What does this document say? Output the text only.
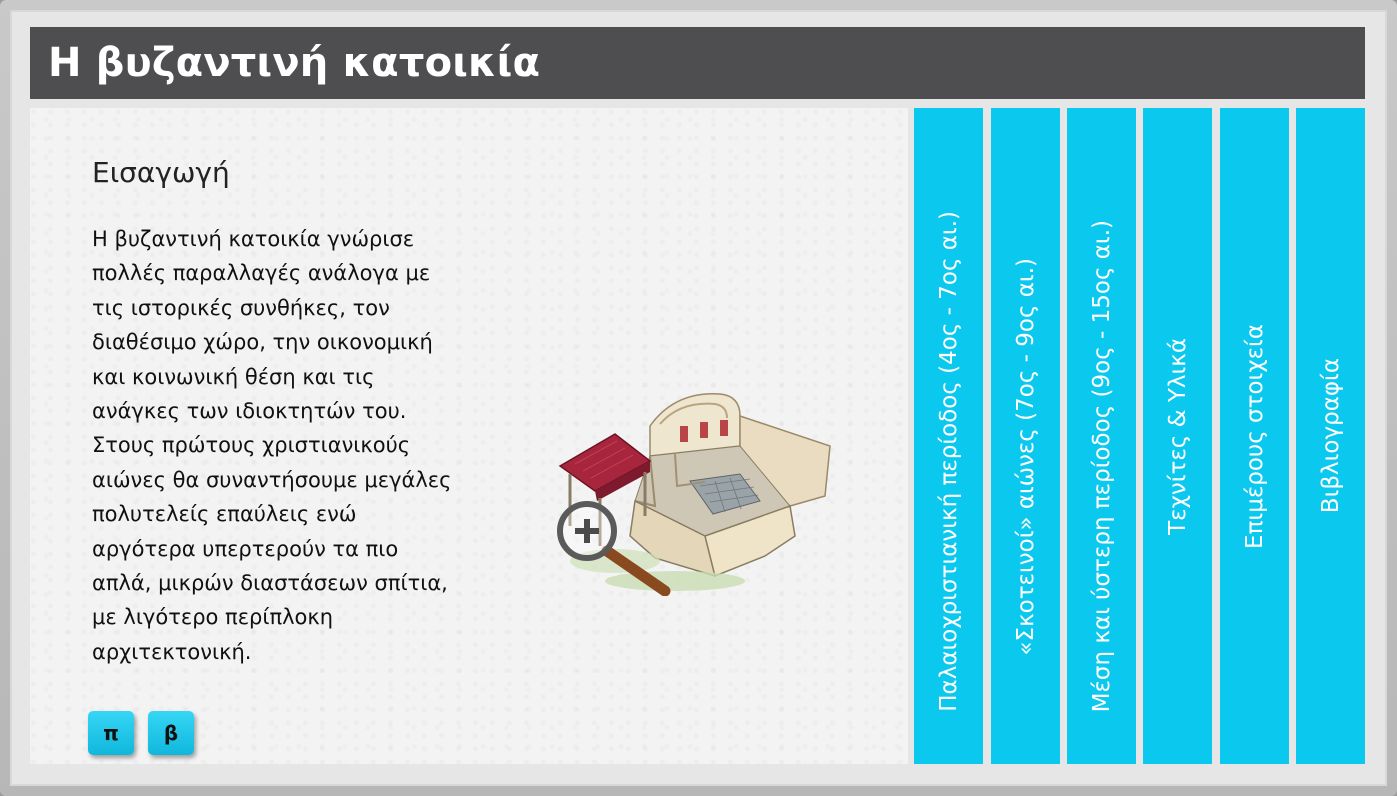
Η βυζαντινή κατοικία
Εισαγωγή
Η βυζαντινή κατοικία γνώρισε
πολλές παραλλαγές ανάλογα με
τις ιστορικές συνθήκες, τον
διαθέσιμο χώρο, την οικονομική
και κοινωνική θέση και τις
ανάγκες των ιδιοκτητών του.
Στους πρώτους χριστιανικούς
αιώνες θα συναντήσουμε μεγάλες
πολυτελείς επαύλεις ενώ
αργότερα υπερτερούν τα πιο
απλά, μικρών διαστάσεων σπίτια,
με λιγότερο περίπλοκη
αρχιτεκτονική.
π	β
Παλαιοχριστιανική περίοδος (4ος - 7ος αι.) «Σκοτεινοί» αιώνες (7ος - 9ος αι.) Μέση και ύστερη περίοδος (9ος - 15ος αι.) Τεχνίτες & Υλικά Επιμέρους στοιχεία Βιβλιογραφία
